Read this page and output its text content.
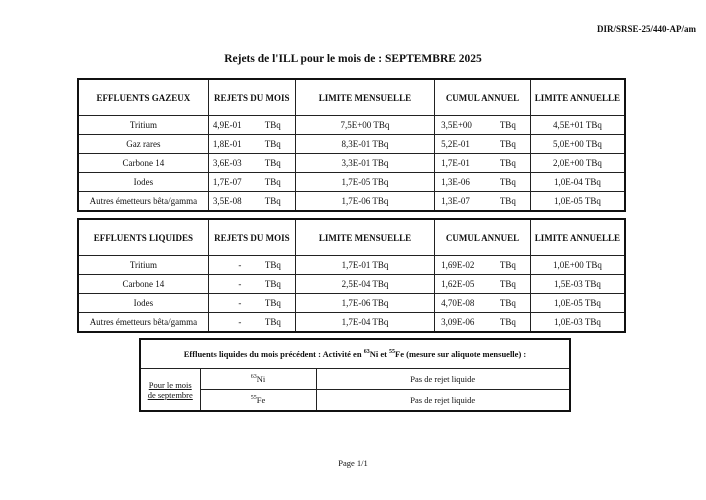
DIR/SRSE-25/440-AP/am
Rejets de l'ILL pour le mois de : SEPTEMBRE 2025
EFFLUENTS GAZEUX	REJETS DU MOIS	LIMITE MENSUELLE	CUMUL ANNUEL	LIMITE ANNUELLE
Tritium	4,9E-01 TBq	7,5E+00 TBq	3,5E+00 TBq	4,5E+01 TBq
Gaz rares	1,8E-01 TBq	8,3E-01 TBq	5,2E-01 TBq	5,0E+00 TBq
Carbone 14	3,6E-03 TBq	3,3E-01 TBq	1,7E-01 TBq	2,0E+00 TBq
Iodes	1,7E-07 TBq	1,7E-05 TBq	1,3E-06 TBq	1,0E-04 TBq
Autres émetteurs bêta/gamma	3,5E-08 TBq	1,7E-06 TBq	1,3E-07 TBq	1,0E-05 TBq
EFFLUENTS LIQUIDES	REJETS DU MOIS	LIMITE MENSUELLE	CUMUL ANNUEL	LIMITE ANNUELLE
Tritium	- TBq	1,7E-01 TBq	1,69E-02 TBq	1,0E+00 TBq
Carbone 14	- TBq	2,5E-04 TBq	1,62E-05 TBq	1,5E-03 TBq
Iodes	- TBq	1,7E-06 TBq	4,70E-08 TBq	1,0E-05 TBq
Autres émetteurs bêta/gamma	- TBq	1,7E-04 TBq	3,09E-06 TBq	1,0E-03 TBq
Effluents liquides du mois précédent : Activité en $^{63}$Ni et $^{55}$Fe (mesure sur aliquote mensuelle) :		
Pour le mois
de septembre	$^{63}$Ni	Pas de rejet liquide
	$^{55}$Fe	Pas de rejet liquide
Page 1/1
